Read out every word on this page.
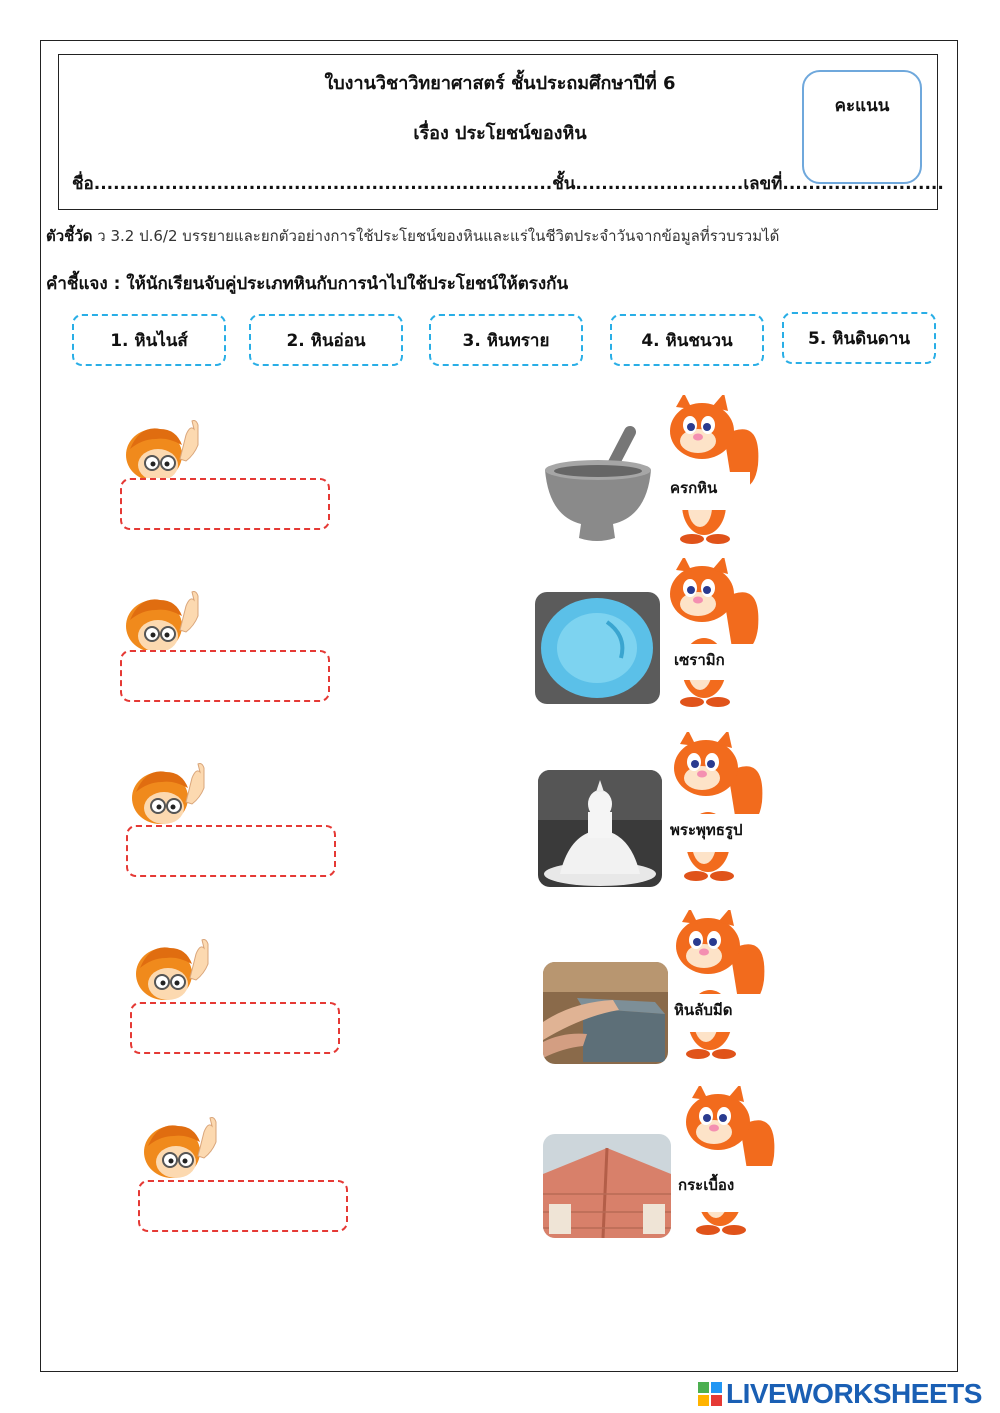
ใบงานวิชาวิทยาศาสตร์ ชั้นประถมศึกษาปีที่ 6
เรื่อง ประโยชน์ของหิน
ชื่อ.......................................................................ชั้น..........................เลขที่.........................
คะแนน
ตัวชี้วัด ว 3.2 ป.6/2 บรรยายและยกตัวอย่างการใช้ประโยชน์ของหินและแร่ในชีวิตประจำวันจากข้อมูลที่รวบรวมได้
คำชี้แจง : ให้นักเรียนจับคู่ประเภทหินกับการนำไปใช้ประโยชน์ให้ตรงกัน
1. หินไนส์	2. หินอ่อน	3. หินทราย	4. หินชนวน	5. หินดินดาน
ครกหิน
เซรามิก
พระพุทธรูป
หินลับมีด
กระเบื้อง
LIVEWORKSHEETS
